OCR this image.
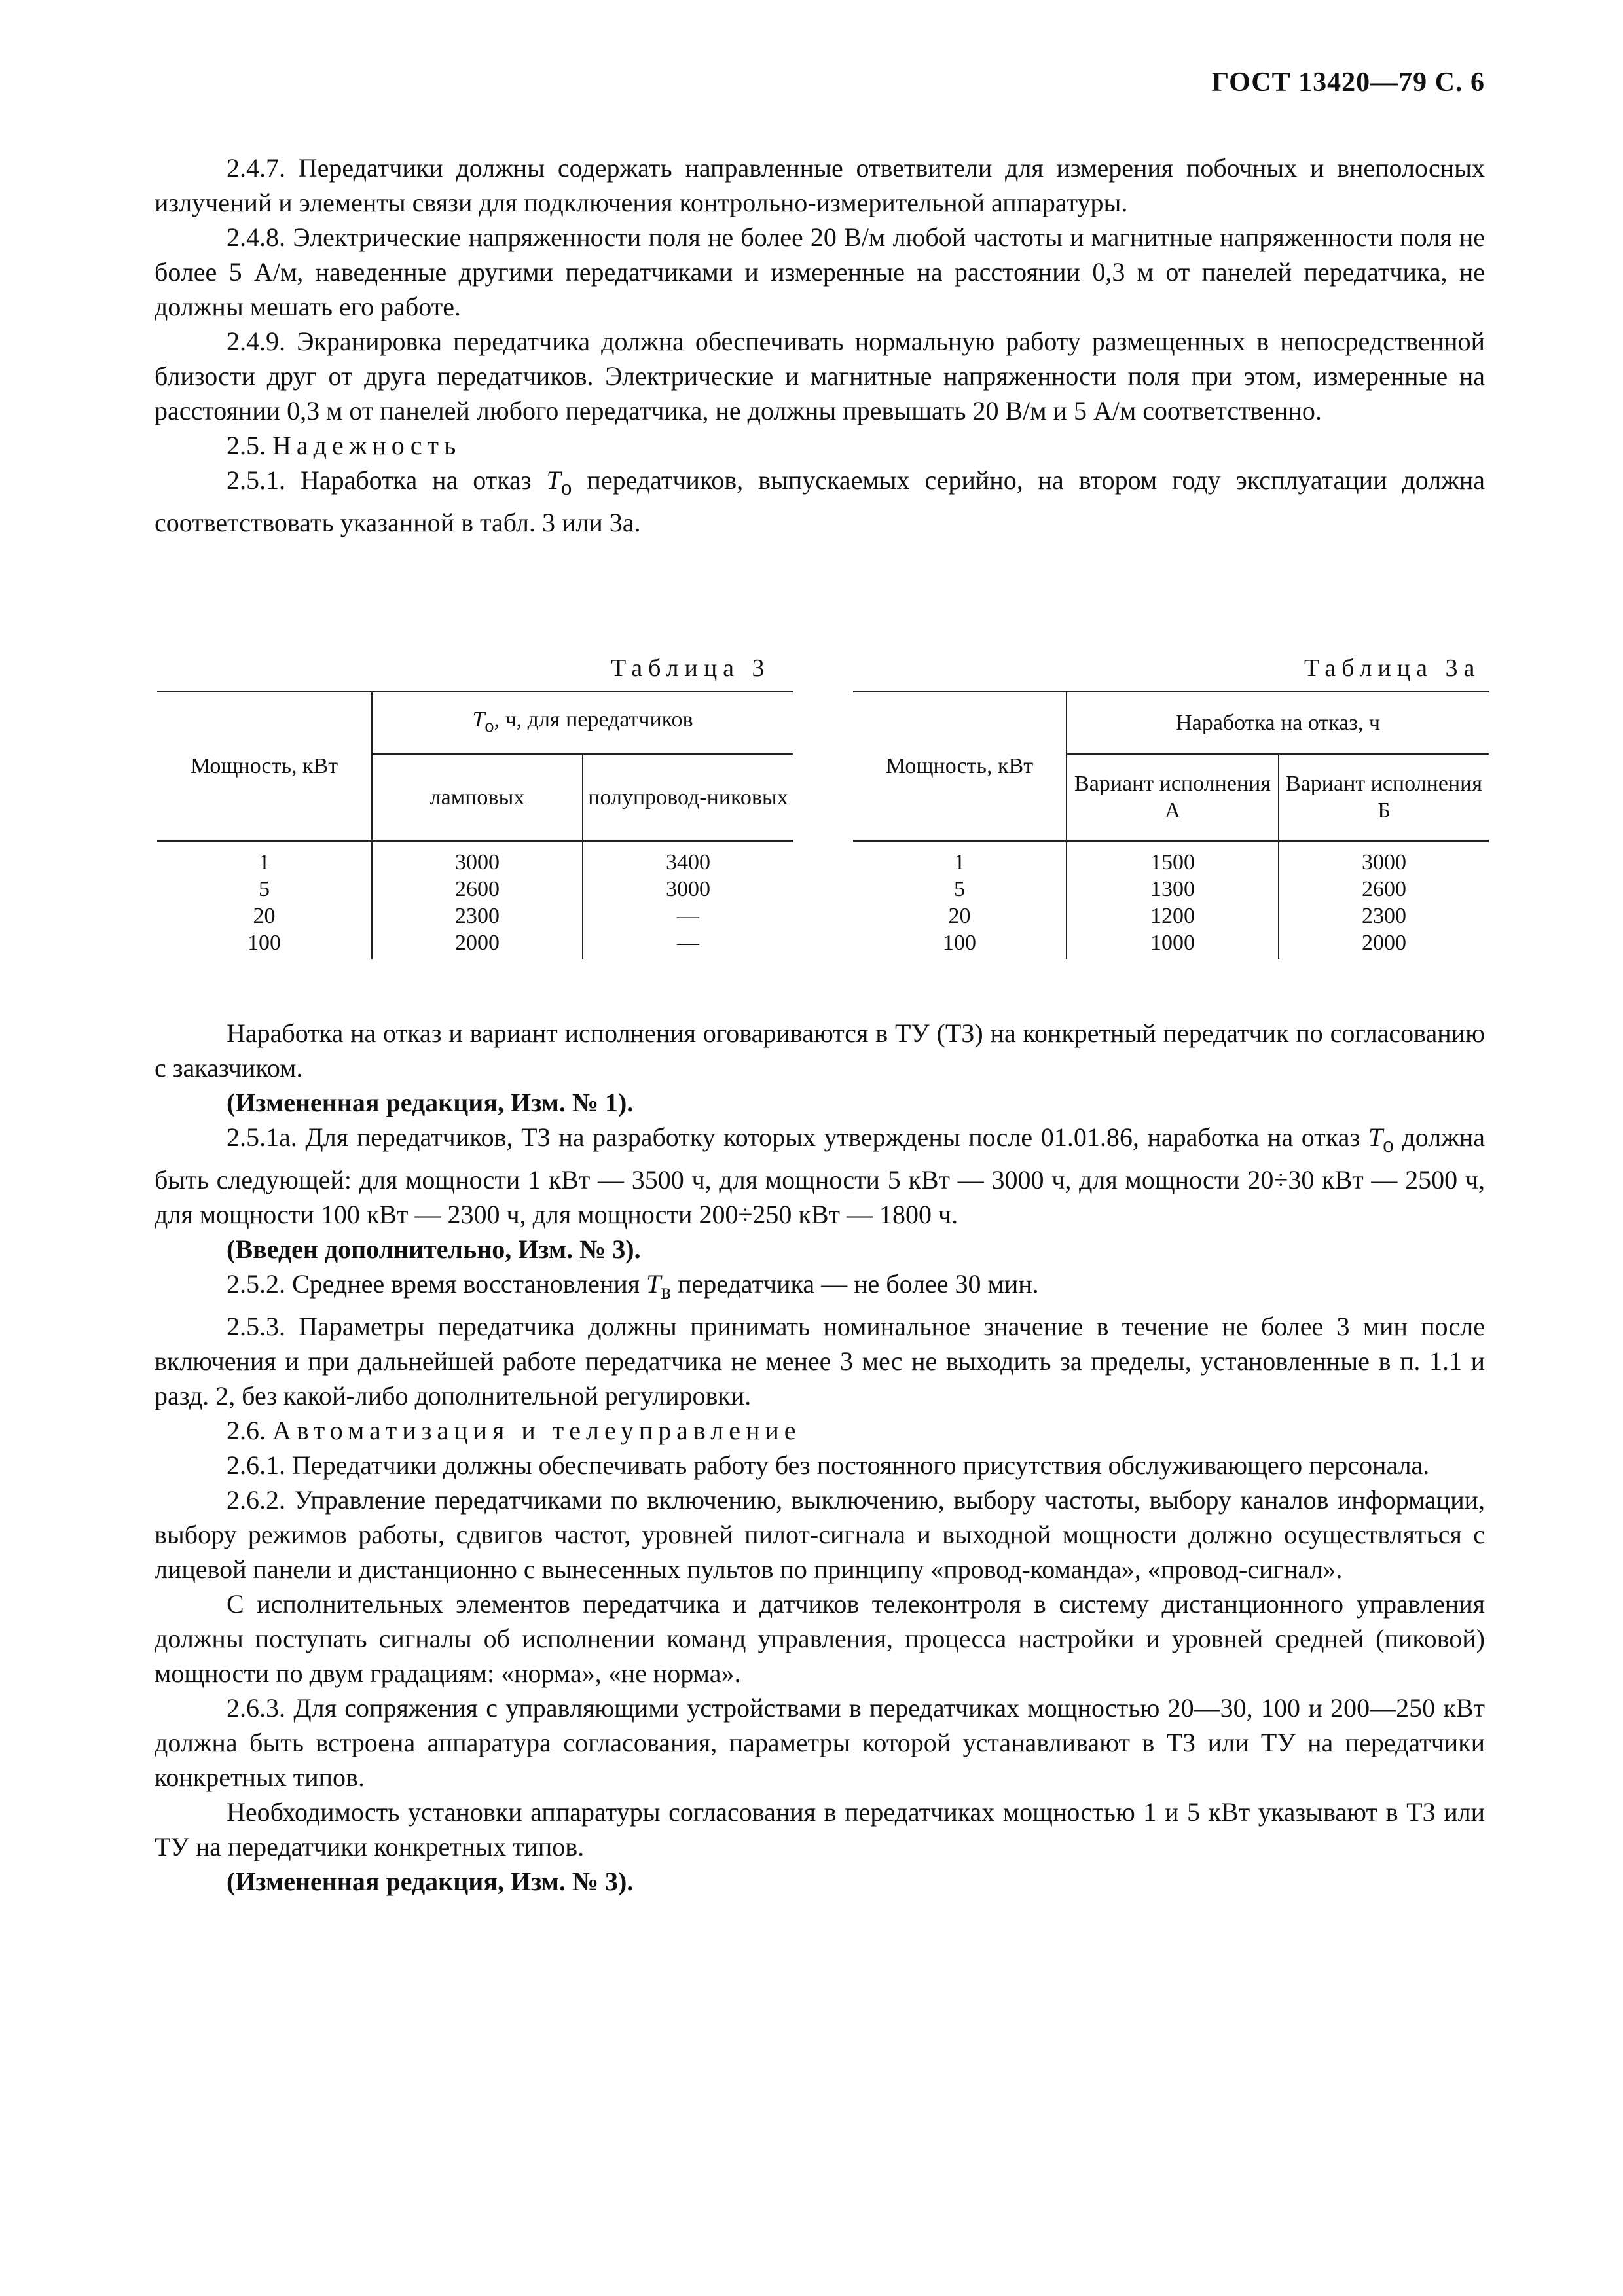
ГОСТ 13420—79 С. 6

2.4.7. Передатчики должны содержать направленные ответвители для измерения побочных и внеполосных излучений и элементы связи для подключения контрольно-измерительной аппаратуры.

2.4.8. Электрические напряженности поля не более 20 В/м любой частоты и магнитные напряженности поля не более 5 А/м, наведенные другими передатчиками и измеренные на расстоянии 0,3 м от панелей передатчика, не должны мешать его работе.

2.4.9. Экранировка передатчика должна обеспечивать нормальную работу размещенных в непосредственной близости друг от друга передатчиков. Электрические и магнитные напряженности поля при этом, измеренные на расстоянии 0,3 м от панелей любого передатчика, не должны превышать 20 В/м и 5 А/м соответственно.

2.5. Надежность

2.5.1. Наработка на отказ $T_о$ передатчиков, выпускаемых серийно, на втором году эксплуатации должна соответствовать указанной в табл. 3 или 3а.

Таблица 3
Мощность, кВт	$T_о$, ч, для передатчиков	
	ламповых	полупровод-никовых
1	3000	3400
5	2600	3000
20	2300	—
100	2000	—
Таблица 3а
Мощность, кВт	Наработка на отказ, ч	
	Вариант исполнения А	Вариант исполнения Б
1	1500	3000
5	1300	2600
20	1200	2300
100	1000	2000

Наработка на отказ и вариант исполнения оговариваются в ТУ (ТЗ) на конкретный передатчик по согласованию с заказчиком.

(Измененная редакция, Изм. № 1).

2.5.1а. Для передатчиков, ТЗ на разработку которых утверждены после 01.01.86, наработка на отказ $T_о$ должна быть следующей: для мощности 1 кВт — 3500 ч, для мощности 5 кВт — 3000 ч, для мощности 20÷30 кВт — 2500 ч, для мощности 100 кВт — 2300 ч, для мощности 200÷250 кВт — 1800 ч.

(Введен дополнительно, Изм. № 3).

2.5.2. Среднее время восстановления $T_в$ передатчика — не более 30 мин.

2.5.3. Параметры передатчика должны принимать номинальное значение в течение не более 3 мин после включения и при дальнейшей работе передатчика не менее 3 мес не выходить за пределы, установленные в п. 1.1 и разд. 2, без какой-либо дополнительной регулировки.

2.6. Автоматизация и телеуправление

2.6.1. Передатчики должны обеспечивать работу без постоянного присутствия обслуживающего персонала.

2.6.2. Управление передатчиками по включению, выключению, выбору частоты, выбору каналов информации, выбору режимов работы, сдвигов частот, уровней пилот-сигнала и выходной мощности должно осуществляться с лицевой панели и дистанционно с вынесенных пультов по принципу «провод-команда», «провод-сигнал».

С исполнительных элементов передатчика и датчиков телеконтроля в систему дистанционного управления должны поступать сигналы об исполнении команд управления, процесса настройки и уровней средней (пиковой) мощности по двум градациям: «норма», «не норма».

2.6.3. Для сопряжения с управляющими устройствами в передатчиках мощностью 20—30, 100 и 200—250 кВт должна быть встроена аппаратура согласования, параметры которой устанавливают в ТЗ или ТУ на передатчики конкретных типов.

Необходимость установки аппаратуры согласования в передатчиках мощностью 1 и 5 кВт указывают в ТЗ или ТУ на передатчики конкретных типов.

(Измененная редакция, Изм. № 3).
